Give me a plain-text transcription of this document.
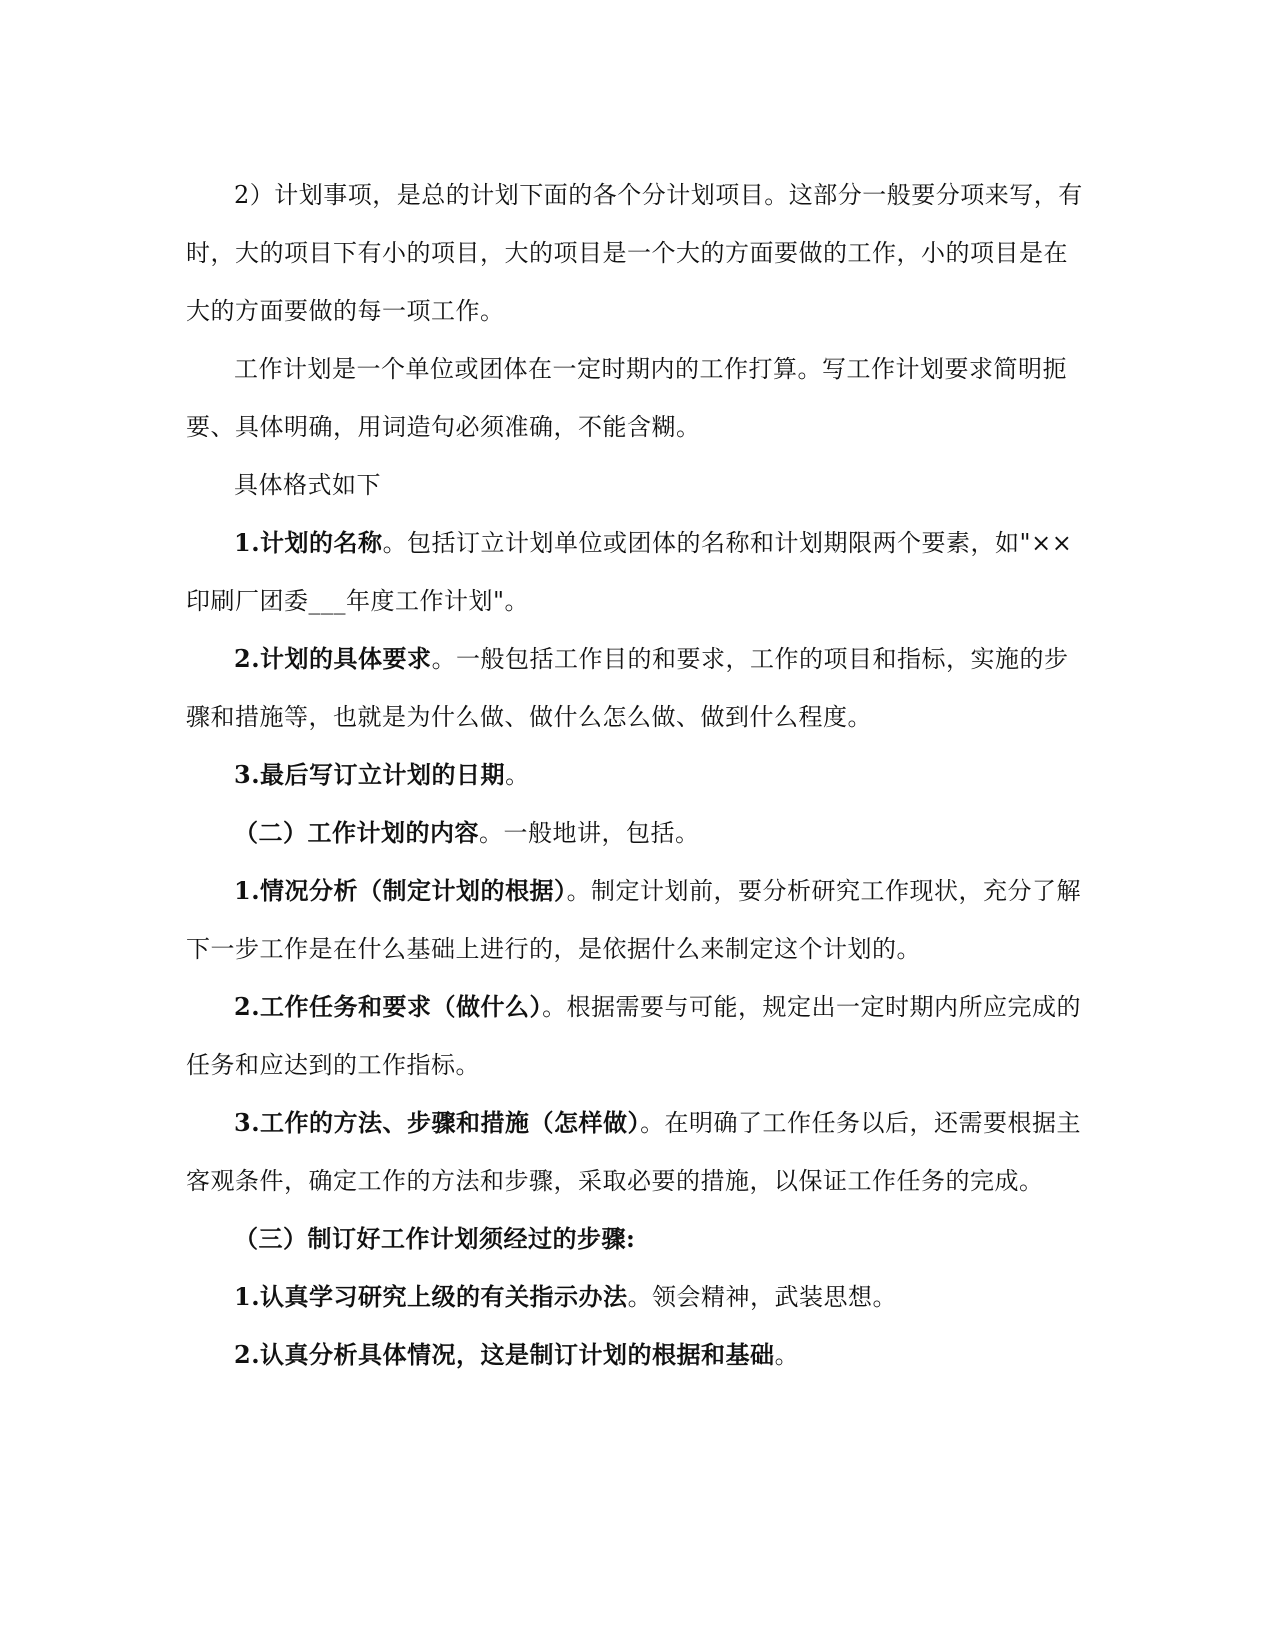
2）计划事项，是总的计划下面的各个分计划项目。这部分一般要分项来写，有时，大的项目下有小的项目，大的项目是一个大的方面要做的工作，小的项目是在大的方面要做的每一项工作。

工作计划是一个单位或团体在一定时期内的工作打算。写工作计划要求简明扼要、具体明确，用词造句必须准确，不能含糊。

具体格式如下

1.计划的名称。包括订立计划单位或团体的名称和计划期限两个要素，如"××印刷厂团委___年度工作计划"。

2.计划的具体要求。一般包括工作目的和要求，工作的项目和指标，实施的步骤和措施等，也就是为什么做、做什么怎么做、做到什么程度。

3.最后写订立计划的日期。

（二）工作计划的内容。一般地讲，包括。

1.情况分析（制定计划的根据）。制定计划前，要分析研究工作现状，充分了解下一步工作是在什么基础上进行的，是依据什么来制定这个计划的。

2.工作任务和要求（做什么）。根据需要与可能，规定出一定时期内所应完成的任务和应达到的工作指标。

3.工作的方法、步骤和措施（怎样做）。在明确了工作任务以后，还需要根据主客观条件，确定工作的方法和步骤，采取必要的措施，以保证工作任务的完成。

（三）制订好工作计划须经过的步骤:

1.认真学习研究上级的有关指示办法。领会精神，武装思想。

2.认真分析具体情况，这是制订计划的根据和基础。
